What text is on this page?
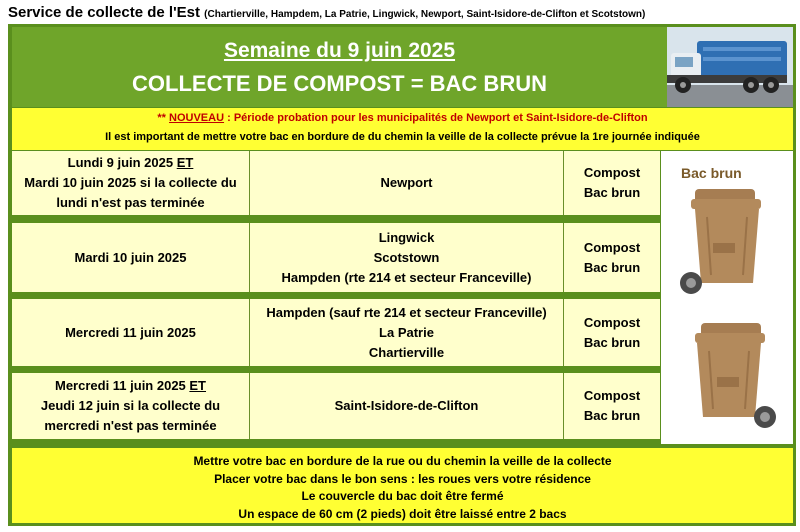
Service de collecte de l'Est (Chartierville, Hampdem, La Patrie, Lingwick, Newport, Saint-Isidore-de-Clifton et Scotstown)
Semaine du 9 juin 2025
COLLECTE DE COMPOST = BAC BRUN
** NOUVEAU : Période probation pour les municipalités de Newport et Saint-Isidore-de-Clifton
Il est important de mettre votre bac en bordure de du chemin la veille de la collecte prévue la 1re journée indiquée
Lundi 9 juin 2025 ET
Mardi 10 juin 2025 si la collecte du
lundi n'est pas terminée
Newport
Compost
Bac brun
Mardi 10 juin 2025
Lingwick
Scotstown
Hampden (rte 214 et secteur Franceville)
Compost
Bac brun
Mercredi 11 juin 2025
Hampden (sauf rte 214 et secteur Franceville)
La Patrie
Chartierville
Compost
Bac brun
Mercredi 11 juin 2025 ET
Jeudi 12 juin si la collecte du
mercredi n'est pas terminée
Saint-Isidore-de-Clifton
Compost
Bac brun
Bac brun
Mettre votre bac en bordure de la rue ou du chemin la veille de la collecte
Placer votre bac dans le bon sens : les roues vers votre résidence
Le couvercle du bac doit être fermé
Un espace de 60 cm (2 pieds) doit être laissé entre 2 bacs
